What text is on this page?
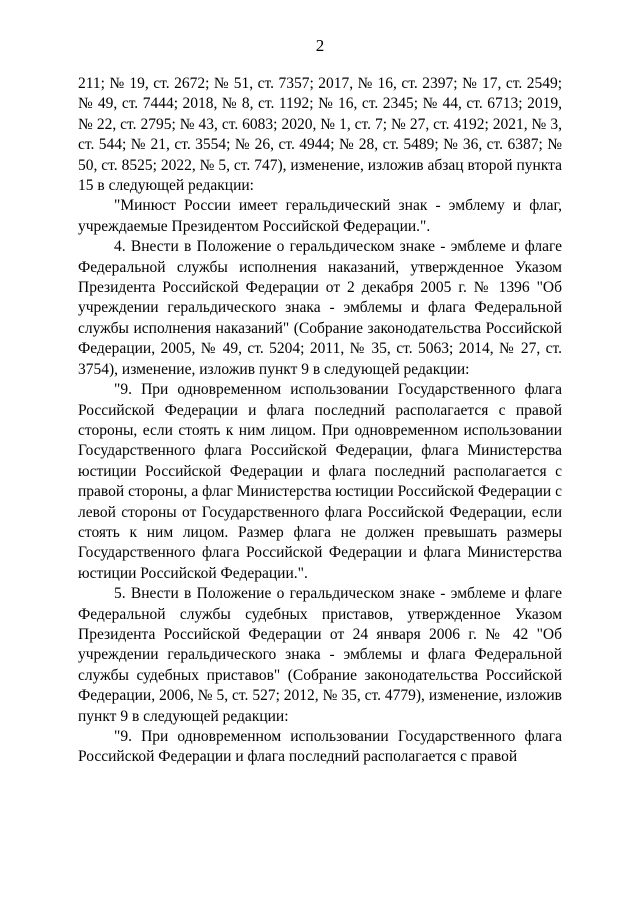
2

211; № 19, ст. 2672; № 51, ст. 7357; 2017, № 16, ст. 2397; № 17, ст. 2549; № 49, ст. 7444; 2018, № 8, ст. 1192; № 16, ст. 2345; № 44, ст. 6713; 2019, № 22, ст. 2795; № 43, ст. 6083; 2020, № 1, ст. 7; № 27, ст. 4192; 2021, № 3, ст. 544; № 21, ст. 3554; № 26, ст. 4944; № 28, ст. 5489; № 36, ст. 6387; № 50, ст. 8525; 2022, № 5, ст. 747), изменение, изложив абзац второй пункта 15 в следующей редакции:

"Минюст России имеет геральдический знак - эмблему и флаг, учреждаемые Президентом Российской Федерации.".

4. Внести в Положение о геральдическом знаке - эмблеме и флаге Федеральной службы исполнения наказаний, утвержденное Указом Президента Российской Федерации от 2 декабря 2005 г. № 1396 "Об учреждении геральдического знака - эмблемы и флага Федеральной службы исполнения наказаний" (Собрание законодательства Российской Федерации, 2005, № 49, ст. 5204; 2011, № 35, ст. 5063; 2014, № 27, ст. 3754), изменение, изложив пункт 9 в следующей редакции:

"9. При одновременном использовании Государственного флага Российской Федерации и флага последний располагается с правой стороны, если стоять к ним лицом. При одновременном использовании Государственного флага Российской Федерации, флага Министерства юстиции Российской Федерации и флага последний располагается с правой стороны, а флаг Министерства юстиции Российской Федерации с левой стороны от Государственного флага Российской Федерации, если стоять к ним лицом. Размер флага не должен превышать размеры Государственного флага Российской Федерации и флага Министерства юстиции Российской Федерации.".

5. Внести в Положение о геральдическом знаке - эмблеме и флаге Федеральной службы судебных приставов, утвержденное Указом Президента Российской Федерации от 24 января 2006 г. № 42 "Об учреждении геральдического знака - эмблемы и флага Федеральной службы судебных приставов" (Собрание законодательства Российской Федерации, 2006, № 5, ст. 527; 2012, № 35, ст. 4779), изменение, изложив пункт 9 в следующей редакции:

"9. При одновременном использовании Государственного флага Российской Федерации и флага последний располагается с правой
